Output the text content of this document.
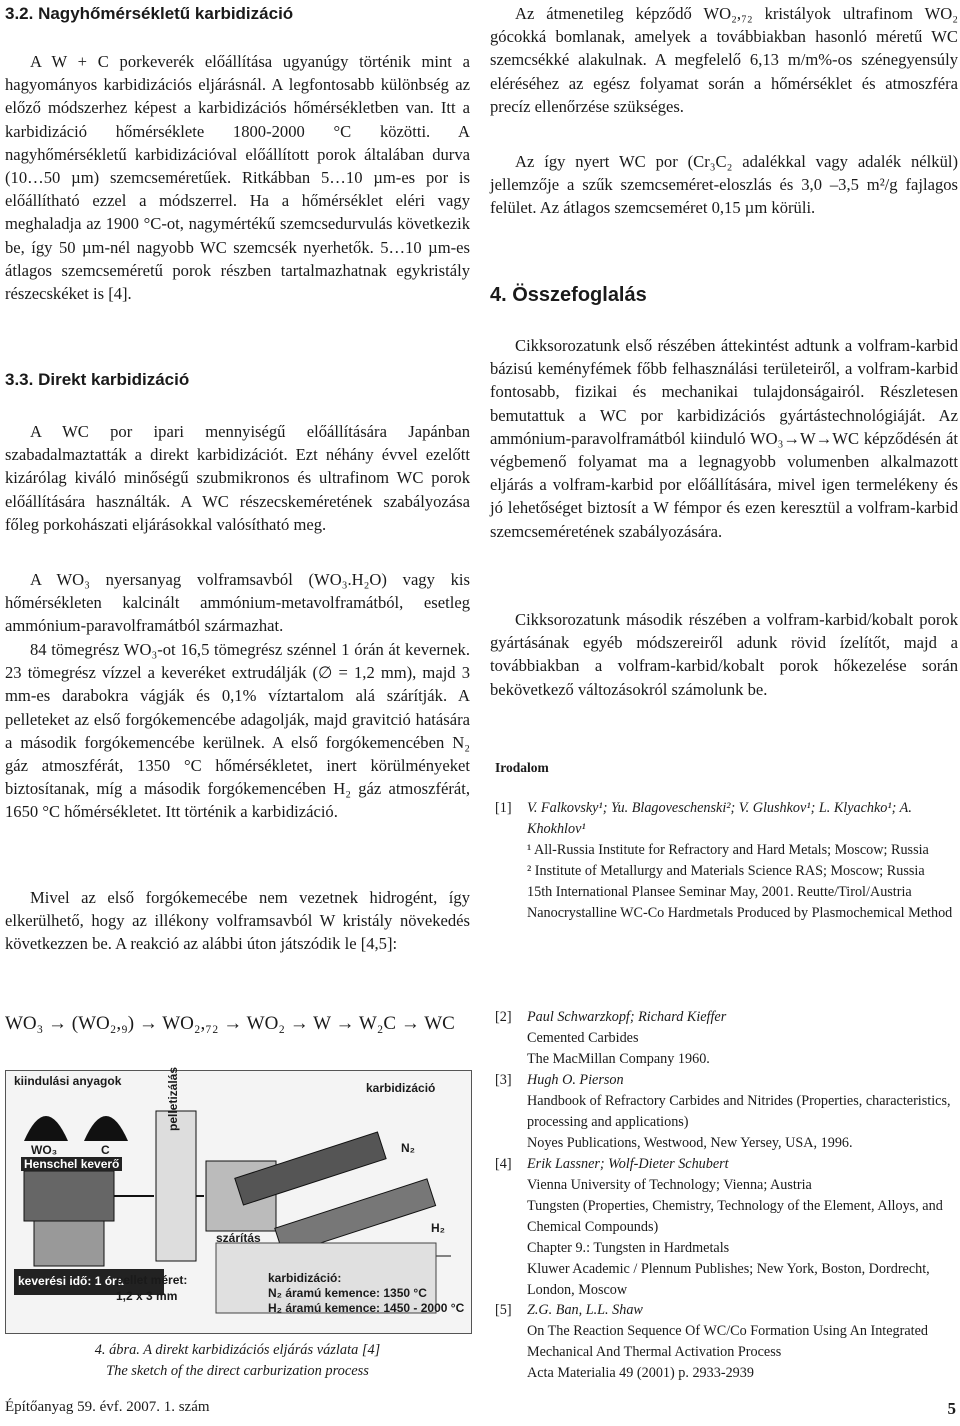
3.2. Nagyhőmérsékletű karbidizáció

A W + C porkeverék előállítása ugyanúgy történik mint a hagyományos karbidizációs eljárásnál. A legfontosabb különbség az előző módszerhez képest a karbidizációs hőmérsékletben van. Itt a karbidizáció hőmérséklete 1800-2000 °C közötti. A nagyhőmérsékletű karbidizációval előállított porok általában durva (10…50 µm) szemcseméretűek. Ritkábban 5…10 µm-es por is előállítható ezzel a módszerrel. Ha a hőmérséklet eléri vagy meghaladja az 1900 °C-ot, nagymértékű szemcsedurvulás következik be, így 50 µm-nél nagyobb WC szemcsék nyerhetők. 5…10 µm-es átlagos szemcseméretű porok részben tartalmazhatnak egykristály részecskéket is [4].

3.3. Direkt karbidizáció

A WC por ipari mennyiségű előállítására Japánban szabadalmaztatták a direkt karbidizációt. Ezt néhány évvel ezelőtt kizárólag kiváló minőségű szubmikronos és ultrafinom WC porok előállítására használták. A WC részecskeméretének szabályozása főleg porkohászati eljárásokkal valósítható meg.

A WO₃ nyersanyag volframsavból (WO₃.H₂O) vagy kis hőmérsékleten kalcinált ammónium-metavolframátból, esetleg ammónium-paravolframátból származhat.

84 tömegrész WO₃-ot 16,5 tömegrész szénnel 1 órán át kevernek. 23 tömegrész vízzel a keveréket extrudálják (∅ = 1,2 mm), majd 3 mm-es darabokra vágják és 0,1% víztartalom alá szárítják. A pelleteket az első forgókemencébe adagolják, majd gravitció hatására a második forgókemencébe kerülnek. A első forgókemencében N₂ gáz atmoszférát, 1350 °C hőmérsékletet, inert körülményeket biztosítanak, míg a második forgókemencében H₂ gáz atmoszférát, 1650 °C hőmérsékletet. Itt történik a karbidizáció.

Mivel az első forgókemecébe nem vezetnek hidrogént, így elkerülhető, hogy az illékony volframsavból W kristály növekedés következzen be. A reakció az alábbi úton játszódik le [4,5]:

WO₃ → (WO₂,₉) → WO₂,₇₂ → WO₂ → W → W₂C → WC
kiindulási anyagok
WO₃	C
Henschel keverő
keverési idő: 1 óra
pelletizálás
szárítás
karbidizáció
N₂
H₂
pellet méret:
1,2 x 3 mm
karbidizáció:
N₂ áramú kemence: 1350 °C
H₂ áramú kemence: 1450 - 2000 °C
4. ábra. A direkt karbidizációs eljárás vázlata [4]
The sketch of the direct carburization process

Az átmenetileg képződő WO₂,₇₂ kristályok ultrafinom WO₂ gócokká bomlanak, amelyek a továbbiakban hasonló méretű WC szemcsékké alakulnak. A megfelelő 6,13 m/m%-os szénegyensúly eléréséhez az egész folyamat során a hőmérséklet és atmoszféra precíz ellenőrzése szükséges.

Az így nyert WC por (Cr₃C₂ adalékkal vagy adalék nélkül) jellemzője a szűk szemcseméret-eloszlás és 3,0 –3,5 m²/g fajlagos felület. Az átlagos szemcseméret 0,15 µm körüli.

4. Összefoglalás

Cikksorozatunk első részében áttekintést adtunk a volfram-karbid bázisú keményfémek főbb felhasználási területeiről, a volfram-karbid fontosabb, fizikai és mechanikai tulajdonságairól. Részletesen bemutattuk a WC por karbidizációs gyártástechnológiáját. Az ammónium-paravolframátból kiinduló WO₃→W→WC képződésén át végbemenő folyamat ma a legnagyobb volumenben alkalmazott eljárás a volfram-karbid por előállítására, mivel igen termelékeny és jó lehetőséget biztosít a W fémpor és ezen keresztül a volfram-karbid szemcseméretének szabályozására.

Cikksorozatunk második részében a volfram-karbid/kobalt porok gyártásának egyéb módszereiről adunk rövid ízelítőt, majd a továbbiakban a volfram-karbid/kobalt porok hőkezelése során bekövetkező változásokról számolunk be.

Irodalom
[1] V. Falkovsky¹; Yu. Blagoveschenski²; V. Glushkov¹; L. Klyachko¹; A. Khokhlov¹
¹ All-Russia Institute for Refractory and Hard Metals; Moscow; Russia
² Institute of Metallurgy and Materials Science RAS; Moscow; Russia
15th International Plansee Seminar May, 2001. Reutte/Tirol/Austria
Nanocrystalline WC-Co Hardmetals Produced by Plasmochemical Method
[2] Paul Schwarzkopf; Richard Kieffer
Cemented Carbides
The MacMillan Company 1960.
[3] Hugh O. Pierson
Handbook of Refractory Carbides and Nitrides (Properties, characteristics, processing and applications)
Noyes Publications, Westwood, New Yersey, USA, 1996.
[4] Erik Lassner; Wolf-Dieter Schubert
Vienna University of Technology; Vienna; Austria
Tungsten (Properties, Chemistry, Technology of the Element, Alloys, and Chemical Compounds)
Chapter 9.: Tungsten in Hardmetals
Kluwer Academic / Plennum Publishes; New York, Boston, Dordrecht, London, Moscow
[5] Z.G. Ban, L.L. Shaw
On The Reaction Sequence Of WC/Co Formation Using An Integrated Mechanical And Thermal Activation Process
Acta Materialia 49 (2001) p. 2933-2939
Építőanyag 59. évf. 2007. 1. szám	5
